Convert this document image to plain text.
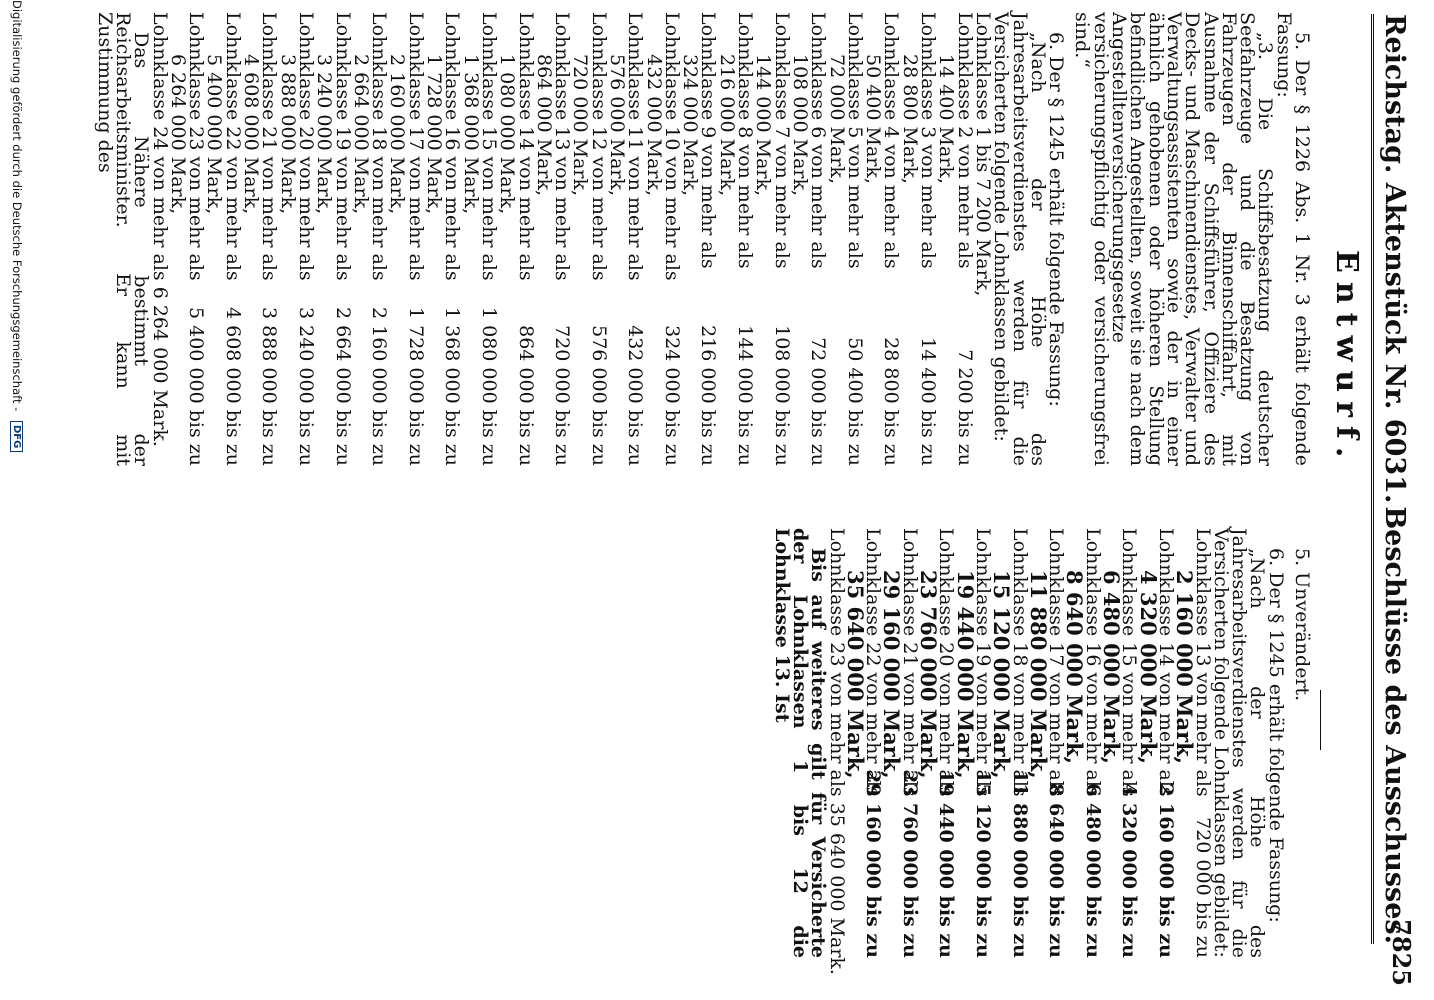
Reichstag. Aktenstück Nr. 6031.
Beschlüsse des Ausschusses.
7825
Entwurf.

5. Der § 1226 Abs. 1 Nr. 3 erhält folgende Fassung:

„3. Die Schiffsbesatzung deutscher Seefahrzeuge und die Besatzung von Fahrzeugen der Binnenschiffahrt, mit Ausnahme der Schiffsführer, Offiziere des Decks- und Maschinendienstes, Verwalter und Verwaltungsassistenten sowie der in einer ähnlich gehobenen oder höheren Stellung befindlichen Angestellten, soweit sie nach dem Angestelltenversicherungsgesetze versicherungspflichtig oder versicherungsfrei sind.“

6. Der § 1245 erhält folgende Fassung:

„Nach der Höhe des Jahresarbeitsverdienstes werden für die Versicherten folgende Lohnklassen gebildet:

Lohnklasse 1 bis 7 200 Mark,
Lohnklasse 2 von mehr als
7 200 bis zu
14 400 Mark,
Lohnklasse 3 von mehr als
14 400 bis zu
28 800 Mark,
Lohnklasse 4 von mehr als
28 800 bis zu
50 400 Mark,
Lohnklasse 5 von mehr als
50 400 bis zu
72 000 Mark,
Lohnklasse 6 von mehr als
72 000 bis zu
108 000 Mark,
Lohnklasse 7 von mehr als
108 000 bis zu
144 000 Mark,
Lohnklasse 8 von mehr als
144 000 bis zu
216 000 Mark,
Lohnklasse 9 von mehr als
216 000 bis zu
324 000 Mark,
Lohnklasse 10 von mehr als
324 000 bis zu
432 000 Mark,
Lohnklasse 11 von mehr als
432 000 bis zu
576 000 Mark,
Lohnklasse 12 von mehr als
576 000 bis zu
720 000 Mark,
Lohnklasse 13 von mehr als
720 000 bis zu
864 000 Mark,
Lohnklasse 14 von mehr als
864 000 bis zu
1 080 000 Mark,
Lohnklasse 15 von mehr als
1 080 000 bis zu
1 368 000 Mark,
Lohnklasse 16 von mehr als
1 368 000 bis zu
1 728 000 Mark,
Lohnklasse 17 von mehr als
1 728 000 bis zu
2 160 000 Mark,
Lohnklasse 18 von mehr als
2 160 000 bis zu
2 664 000 Mark,
Lohnklasse 19 von mehr als
2 664 000 bis zu
3 240 000 Mark,
Lohnklasse 20 von mehr als
3 240 000 bis zu
3 888 000 Mark,
Lohnklasse 21 von mehr als
3 888 000 bis zu
4 608 000 Mark,
Lohnklasse 22 von mehr als
4 608 000 bis zu
5 400 000 Mark,
Lohnklasse 23 von mehr als
5 400 000 bis zu
6 264 000 Mark,
Lohnklasse 24 von mehr als 6 264 000 Mark.

Das Nähere bestimmt der Reichsarbeitsminister. Er kann mit Zustimmung des

5. Unverändert.

6. Der § 1245 erhält folgende Fassung:

„Nach der Höhe des Jahresarbeitsverdienstes werden für die Versicherten folgende Lohnklassen gebildet:

Lohnklasse 13 von mehr als
720 000 bis zu
2 160 000 Mark,
Lohnklasse 14 von mehr als
2 160 000 bis zu
4 320 000 Mark,
Lohnklasse 15 von mehr als
4 320 000 bis zu
6 480 000 Mark,
Lohnklasse 16 von mehr als
6 480 000 bis zu
8 640 000 Mark,
Lohnklasse 17 von mehr als
8 640 000 bis zu
11 880 000 Mark,
Lohnklasse 18 von mehr als
11 880 000 bis zu
15 120 000 Mark,
Lohnklasse 19 von mehr als
15 120 000 bis zu
19 440 000 Mark,
Lohnklasse 20 von mehr als
19 440 000 bis zu
23 760 000 Mark,
Lohnklasse 21 von mehr als
23 760 000 bis zu
29 160 000 Mark,
Lohnklasse 22 von mehr als
29 160 000 bis zu
35 640 000 Mark,
Lohnklasse 23 von mehr als 35 640 000 Mark.

Bis auf weiteres gilt für Versicherte der Lohnklassen 1 bis 12 die Lohnklasse 13. Ist

Digitalisierung gefördert durch die Deutsche Forschungsgemeinschaft - DFG
